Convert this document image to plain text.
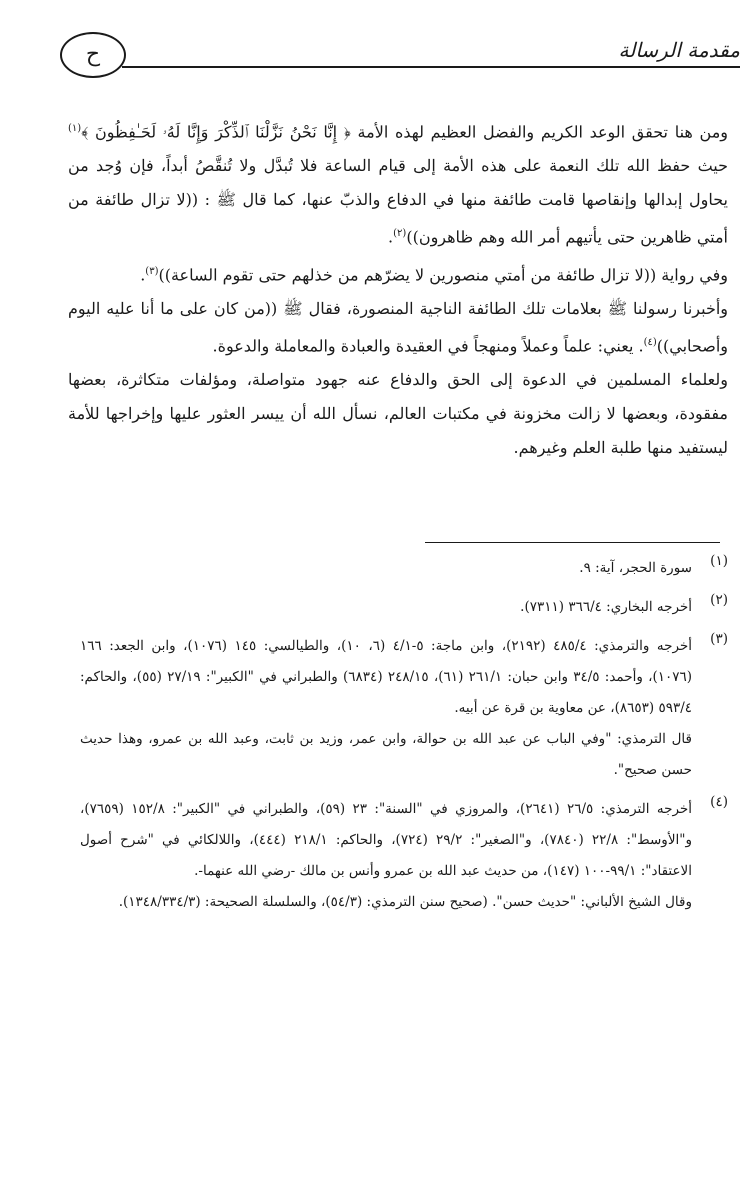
ح	مقدمة الرسالة

ومن هنا تحقق الوعد الكريم والفضل العظيم لهذه الأمة ﴿ إِنَّا نَحْنُ نَزَّلْنَا ٱلذِّكْرَ وَإِنَّا لَهُۥ لَحَـٰفِظُونَ ﴾$^{(١)}$ حيث حفظ الله تلك النعمة على هذه الأمة إلى قيام الساعة فلا تُبدَّل ولا تُنقَّصُ أبداً، فإن وُجد من يحاول إبدالها وإنقاصها قامت طائفة منها في الدفاع والذبّ عنها، كما قال ﷺ : ((لا تزال طائفة من أمتي ظاهرين حتى يأتيهم أمر الله وهم ظاهرون))$^{(٢)}$.

وفي رواية ((لا تزال طائفة من أمتي منصورين لا يضرّهم من خذلهم حتى تقوم الساعة))$^{(٣)}$.

وأخبرنا رسولنا ﷺ بعلامات تلك الطائفة الناجية المنصورة، فقال ﷺ ((من كان على ما أنا عليه اليوم وأصحابي))$^{(٤)}$. يعني: علماً وعملاً ومنهجاً في العقيدة والعبادة والمعاملة والدعوة.

ولعلماء المسلمين في الدعوة إلى الحق والدفاع عنه جهود متواصلة، ومؤلفات متكاثرة، بعضها مفقودة، وبعضها لا زالت مخزونة في مكتبات العالم، نسأل الله أن ييسر العثور عليها وإخراجها للأمة ليستفيد منها طلبة العلم وغيرهم.

(١)

سورة الحجر، آية: ٩.

(٢)

أخرجه البخاري: ٣٦٦/٤ (٧٣١١).

(٣)

أخرجه والترمذي: ٤٨٥/٤ (٢١٩٢)، وابن ماجة: ٥-٤/١ (٦، ١٠)، والطيالسي: ١٤٥ (١٠٧٦)، وابن الجعد: ١٦٦ (١٠٧٦)، وأحمد: ٣٤/٥ وابن حبان: ٢٦١/١ (٦١)، ٢٤٨/١٥ (٦٨٣٤) والطبراني في "الكبير": ٢٧/١٩ (٥٥)، والحاكم: ٥٩٣/٤ (٨٦٥٣)، عن معاوية بن قرة عن أبيه.

قال الترمذي: "وفي الباب عن عبد الله بن حوالة، وابن عمر، وزيد بن ثابت، وعبد الله بن عمرو، وهذا حديث حسن صحيح".

(٤)

أخرجه الترمذي: ٢٦/٥ (٢٦٤١)، والمروزي في "السنة": ٢٣ (٥٩)، والطبراني في "الكبير": ١٥٢/٨ (٧٦٥٩)، و"الأوسط": ٢٢/٨ (٧٨٤٠)، و"الصغير": ٢٩/٢ (٧٢٤)، والحاكم: ٢١٨/١ (٤٤٤)، واللالكائي في "شرح أصول الاعتقاد": ٩٩/١-١٠٠ (١٤٧)، من حديث عبد الله بن عمرو وأنس بن مالك -رضي الله عنهما-.

وقال الشيخ الألباني: "حديث حسن". (صحيح سنن الترمذي: (٥٤/٣)، والسلسلة الصحيحة: (١٣٤٨/٣٣٤/٣).
